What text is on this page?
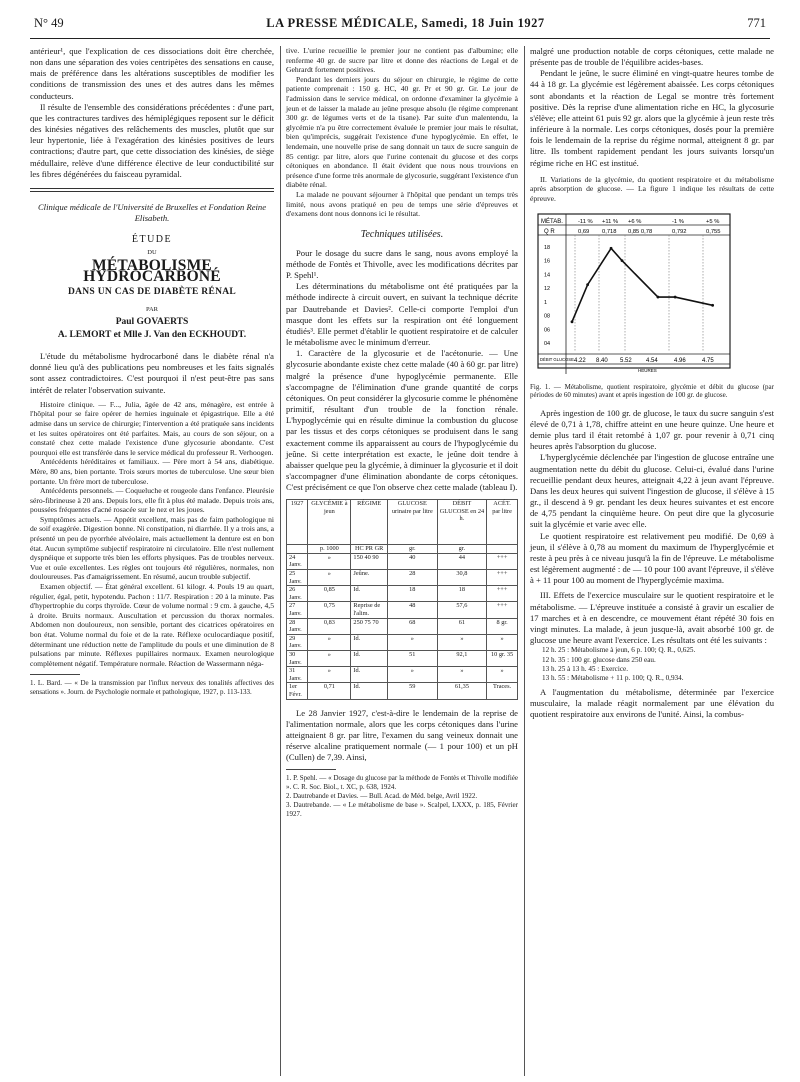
N° 49	LA PRESSE MÉDICALE, Samedi, 18 Juin 1927	771

antérieur¹, que l'explication de ces dissociations doit être cherchée, non dans une séparation des voies centripètes des sensations en cause, mais de préférence dans les altérations susceptibles de modifier les conditions de transmission des unes et des autres dans les mêmes conducteurs.

Il résulte de l'ensemble des considérations précédentes : d'une part, que les contractures tardives des hémiplégiques reposent sur le déficit des kinésies négatives des relâchements des muscles, plutôt que sur leur hypertonie, liée à l'exagération des kinésies positives de leurs contractions; d'autre part, que cette dissociation des kinésies, de siège médullaire, relève d'une différence élective de leur conductibilité sur les fibres dégénérées du faisceau pyramidal.

Clinique médicale de l'Université de Bruxelles et Fondation Reine Elisabeth.
ÉTUDE
DU
MÉTABOLISME HYDROCARBONÉ
DANS UN CAS DE DIABÈTE RÉNAL
PAR
Paul GOVAERTS
A. LEMORT et Mlle J. Van den ECKHOUDT.

L'étude du métabolisme hydrocarboné dans le diabète rénal n'a donné lieu qu'à des publications peu nombreuses et les faits signalés sont assez contradictoires. C'est pourquoi il n'est peut-être pas sans intérêt de relater l'observation suivante.

Histoire clinique. — F..., Julia, âgée de 42 ans, ménagère, est entrée à l'hôpital pour se faire opérer de hernies inguinale et épigastrique. Elle a été admise dans un service de chirurgie; l'intervention a été pratiquée sans incidents et les suites opératoires ont été parfaites. Mais, au cours de son séjour, on a constaté chez cette malade l'existence d'une glycosurie abondante. C'est pourquoi elle est transférée dans le service médical du professeur R. Verhoogen.

Antécédents héréditaires et familiaux. — Père mort à 54 ans, diabétique. Mère, 80 ans, bien portante. Trois sœurs mortes de tuberculose. Une sœur bien portante. Un frère mort de tuberculose.

Antécédents personnels. — Coqueluche et rougeole dans l'enfance. Pleurésie séro-fibrineuse à 20 ans. Depuis lors, elle fit à plus été malade. Depuis trois ans, poussées fréquentes d'acné rosacée sur le nez et les joues.

Symptômes actuels. — Appétit excellent, mais pas de faim pathologique ni de soif exagérée. Digestion bonne. Ni constipation, ni diarrhée. Il y a trois ans, a présenté un peu de pyorrhée alvéolaire, mais actuellement la denture est en bon état. Aucun symptôme subjectif respiratoire ni circulatoire. Elle n'est nullement dyspnéique et supporte très bien les efforts physiques. Pas de troubles nerveux. Vue et ouïe excellentes. Les règles ont toujours été régulières, normales, non douloureuses. Pas d'amaigrissement. En résumé, aucun trouble subjectif.

Examen objectif. — État général excellent. 61 kilogr. 4. Pouls 19 au quart, régulier, égal, petit, hypotendu. Pachon : 11/7. Respiration : 20 à la minute. Pas d'hypertrophie du corps thyroïde. Cœur de volume normal : 9 cm. à gauche, 4,5 à droite. Bruits normaux. Auscultation et percussion du thorax normales. Abdomen non douloureux, non sensible, portant des cicatrices opératoires en bon état. Volume normal du foie et de la rate. Réflexe oculocardiaque positif, déterminant une réduction nette de l'amplitude du pouls et une diminution de 8 pulsations par minute. Réflexes pupillaires normaux. Examen neurologique complètement négatif. Température normale. Réaction de Wassermann néga-

1. L. Bard. — « De la transmission par l'influx nerveux des tonalités affectives des sensations ». Journ. de Psychologie normale et pathologique, 1927, p. 113-133.

tive. L'urine recueillie le premier jour ne contient pas d'albumine; elle renferme 40 gr. de sucre par litre et donne des réactions de Legal et de Gehrardt fortement positives.

Pendant les derniers jours du séjour en chirurgie, le régime de cette patiente comprenait : 150 g. HC, 40 gr. Pr et 90 gr. Gr. Le jour de l'admission dans le service médical, on ordonne d'examiner la glycémie à jeun et de laisser la malade au jeûne presque absolu (le régime comprenant 300 gr. de légumes verts et de la tisane). Par suite d'un malentendu, la glycémie n'a pu être correctement évaluée le premier jour mais le résultat, bien qu'imprécis, suggérait l'existence d'une hypoglycémie. En effet, le lendemain, une nouvelle prise de sang donnait un taux de sucre sanguin de 85 centigr. par litre, alors que l'urine contenait du glucose et des corps cétoniques en abondance. Il était évident que nous nous trouvions en présence d'une forme très anormale de glycosurie, suggérant l'existence d'un diabète rénal.

La malade ne pouvant séjourner à l'hôpital que pendant un temps très limité, nous avons pratiqué en peu de temps une série d'épreuves et d'examens dont nous donnons ici le résultat.

Techniques utilisées.

Pour le dosage du sucre dans le sang, nous avons employé la méthode de Fontès et Thivolle, avec les modifications décrites par P. Spehl¹.

Les déterminations du métabolisme ont été pratiquées par la méthode indirecte à circuit ouvert, en suivant la technique décrite par Dautrebande et Davies². Celle-ci comporte l'emploi d'un masque dont les effets sur la respiration ont été longuement étudiés³. Elle permet d'établir le quotient respiratoire et de calculer le métabolisme avec le minimum d'erreur.

1. Caractère de la glycosurie et de l'acétonurie. — Une glycosurie abondante existe chez cette malade (40 à 60 gr. par litre) malgré la présence d'une hypoglycémie permanente. Elle s'accompagne de l'élimination d'une grande quantité de corps cétoniques. On peut considérer la glycosurie comme le phénomène primitif, résultant d'un trouble de la fonction rénale. L'hypoglycémie qui en résulte diminue la combustion du glucose par les tissus et des corps cétoniques se produisent dans le sang exactement comme ils apparaissent au cours de l'hypoglycémie du jeûne. Si cette interprétation est exacte, le jeûne doit tendre à abaisser quelque peu la glycémie, à diminuer la glycosurie et il doit s'accompagner d'une élimination abondante de corps cétoniques. C'est précisément ce que l'on observe chez cette malade (tableau I).

1927	GLYCÉMIE à jeun	RÉGIME	GLUCOSE urinaire par litre	DÉBIT GLUCOSE en 24 h.	ACÉT. par litre
	p. 1000	HC PR GR	gr.	gr.	
24 Janv.	»	150 40 90	40	44	+++
25 Janv.	»	Jeûne.	28	30,8	+++
26 Janv.	0,85	Id.	18	18	+++
27 Janv.	0,75	Reprise de l'alim.	48	57,6	+++
28 Janv.	0,83	250 75 70	68	61	8 gr.
29 Janv.	»	Id.	»	»	»
30 Janv.	»	Id.	51	92,1	10 gr. 35
31 Janv.	»	Id.	»	»	»
1er Févr.	0,71	Id.	59	61,35	Traces.

Le 28 Janvier 1927, c'est-à-dire le lendemain de la reprise de l'alimentation normale, alors que les corps cétoniques dans l'urine atteignaient 8 gr. par litre, l'examen du sang veineux donnait une réserve alcaline pratiquement normale (— 1 pour 100) et un pH (Cullen) de 7,39. Ainsi,

1. P. Spehl. — « Dosage du glucose par la méthode de Fontès et Thivolle modifiée ». C. R. Soc. Biol., t. XC, p. 638, 1924.

2. Dautrebande et Davies. — Bull. Acad. de Méd. belge, Avril 1922.

3. Dautrebande. — « Le métabolisme de base ». Scalpel, LXXX, p. 185, Février 1927.

malgré une production notable de corps cétoniques, cette malade ne présente pas de trouble de l'équilibre acides-bases.

Pendant le jeûne, le sucre éliminé en vingt-quatre heures tombe de 44 à 18 gr. La glycémie est légèrement abaissée. Les corps cétoniques sont abondants et la réaction de Legal se montre très fortement positive. Dès la reprise d'une alimentation riche en HC, la glycosurie s'élève; elle atteint 61 puis 92 gr. alors que la glycémie à jeun reste très inférieure à la normale. Les corps cétoniques, dosés pour la première fois le lendemain de la reprise du régime normal, atteignent 8 gr. par litre. Ils tombent rapidement pendant les jours suivants lorsqu'un régime riche en HC est institué.

II. Variations de la glycémie, du quotient respiratoire et du métabolisme après absorption de glucose. — La figure 1 indique les résultats de cette épreuve.

MÉTAB.
Q R
-11 % +11 % +6 %	-1 %	+5 %
0,69 0,718 0,85 0,78	0,792	0,755
18
16
14
12
1
08
06
04
DÉBIT GLUCOSE 4.22 8.40 5.52 4.54	4.96	4.75
HEURES

Fig. 1. — Métabolisme, quotient respiratoire, glycémie et débit du glucose (par périodes de 60 minutes) avant et après ingestion de 100 gr. de glucose.

Après ingestion de 100 gr. de glucose, le taux du sucre sanguin s'est élevé de 0,71 à 1,78, chiffre atteint en une heure quinze. Une heure et demie plus tard il était retombé à 1,07 gr. pour revenir à 0,71 cinq heures après l'absorption du glucose.

L'hyperglycémie déclenchée par l'ingestion de glucose entraîne une augmentation nette du débit du glucose. Celui-ci, évalué dans l'urine recueillie pendant deux heures, atteignait 4,22 à jeun avant l'épreuve. Dans les deux heures qui suivent l'ingestion de glucose, il s'élève à 15 gr., il descend à 9 gr. pendant les deux heures suivantes et est encore de 4,75 pendant la cinquième heure. On peut dire que la glycosurie suit la glycémie et varie avec elle.

Le quotient respiratoire est relativement peu modifié. De 0,69 à jeun, il s'élève à 0,78 au moment du maximum de l'hyperglycémie et reste à peu près à ce niveau jusqu'à la fin de l'épreuve. Le métabolisme est légèrement augmenté : de — 10 pour 100 avant l'épreuve, il s'élève à + 11 pour 100 au moment de l'hyperglycémie maxima.

III. Effets de l'exercice musculaire sur le quotient respiratoire et le métabolisme. — L'épreuve instituée a consisté à gravir un escalier de 17 marches et à en descendre, ce mouvement étant répété 30 fois en vingt minutes. La malade, à jeun jusque-là, avait absorbé 100 gr. de glucose une heure avant l'exercice. Les résultats ont été les suivants :

12 h. 25 : Métabolisme à jeun, 6 p. 100; Q. R., 0,625.
12 h. 35 : 100 gr. glucose dans 250 eau.
13 h. 25 à 13 h. 45 : Exercice.
13 h. 55 : Métabolisme + 11 p. 100; Q. R., 0,934.

A l'augmentation du métabolisme, déterminée par l'exercice musculaire, la malade réagit normalement par une élévation du quotient respiratoire aux environs de l'unité. Ainsi, la combus-
